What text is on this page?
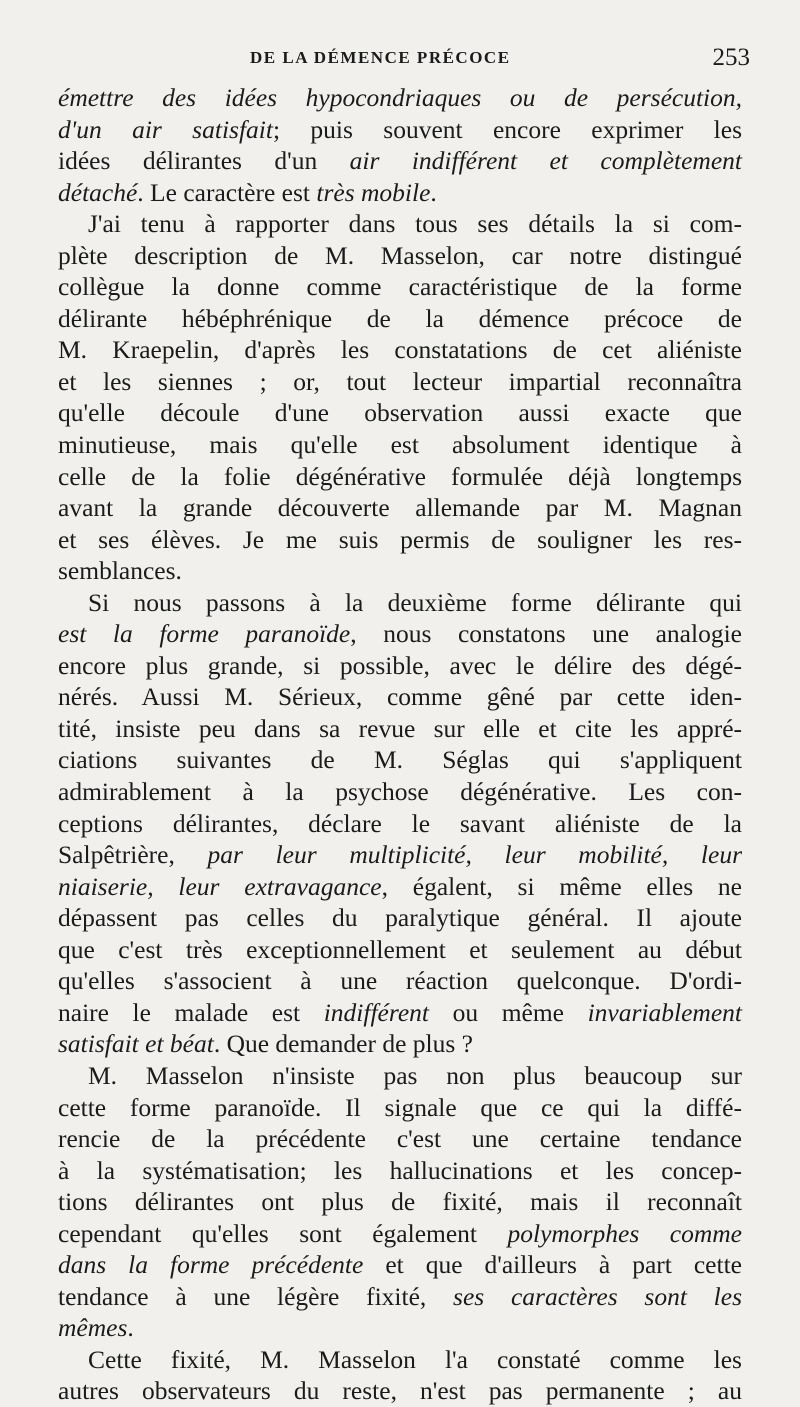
DE LA DÉMENCE PRÉCOCE	253
émettre des idées hypocondriaques ou de persécution,
d'un air satisfait; puis souvent encore exprimer les
idées délirantes d'un air indifférent et complètement
détaché. Le caractère est très mobile.
J'ai tenu à rapporter dans tous ses détails la si com-
plète description de M. Masselon, car notre distingué
collègue la donne comme caractéristique de la forme
délirante hébéphrénique de la démence précoce de
M. Kraepelin, d'après les constatations de cet aliéniste
et les siennes ; or, tout lecteur impartial reconnaîtra
qu'elle découle d'une observation aussi exacte que
minutieuse, mais qu'elle est absolument identique à
celle de la folie dégénérative formulée déjà longtemps
avant la grande découverte allemande par M. Magnan
et ses élèves. Je me suis permis de souligner les res-
semblances.
Si nous passons à la deuxième forme délirante qui
est la forme paranoïde, nous constatons une analogie
encore plus grande, si possible, avec le délire des dégé-
nérés. Aussi M. Sérieux, comme gêné par cette iden-
tité, insiste peu dans sa revue sur elle et cite les appré-
ciations suivantes de M. Séglas qui s'appliquent
admirablement à la psychose dégénérative. Les con-
ceptions délirantes, déclare le savant aliéniste de la
Salpêtrière, par leur multiplicité, leur mobilité, leur
niaiserie, leur extravagance, égalent, si même elles ne
dépassent pas celles du paralytique général. Il ajoute
que c'est très exceptionnellement et seulement au début
qu'elles s'associent à une réaction quelconque. D'ordi-
naire le malade est indifférent ou même invariablement
satisfait et béat. Que demander de plus ?
M. Masselon n'insiste pas non plus beaucoup sur
cette forme paranoïde. Il signale que ce qui la diffé-
rencie de la précédente c'est une certaine tendance
à la systématisation; les hallucinations et les concep-
tions délirantes ont plus de fixité, mais il reconnaît
cependant qu'elles sont également polymorphes comme
dans la forme précédente et que d'ailleurs à part cette
tendance à une légère fixité, ses caractères sont les
mêmes.
Cette fixité, M. Masselon l'a constaté comme les
autres observateurs du reste, n'est pas permanente ; au
